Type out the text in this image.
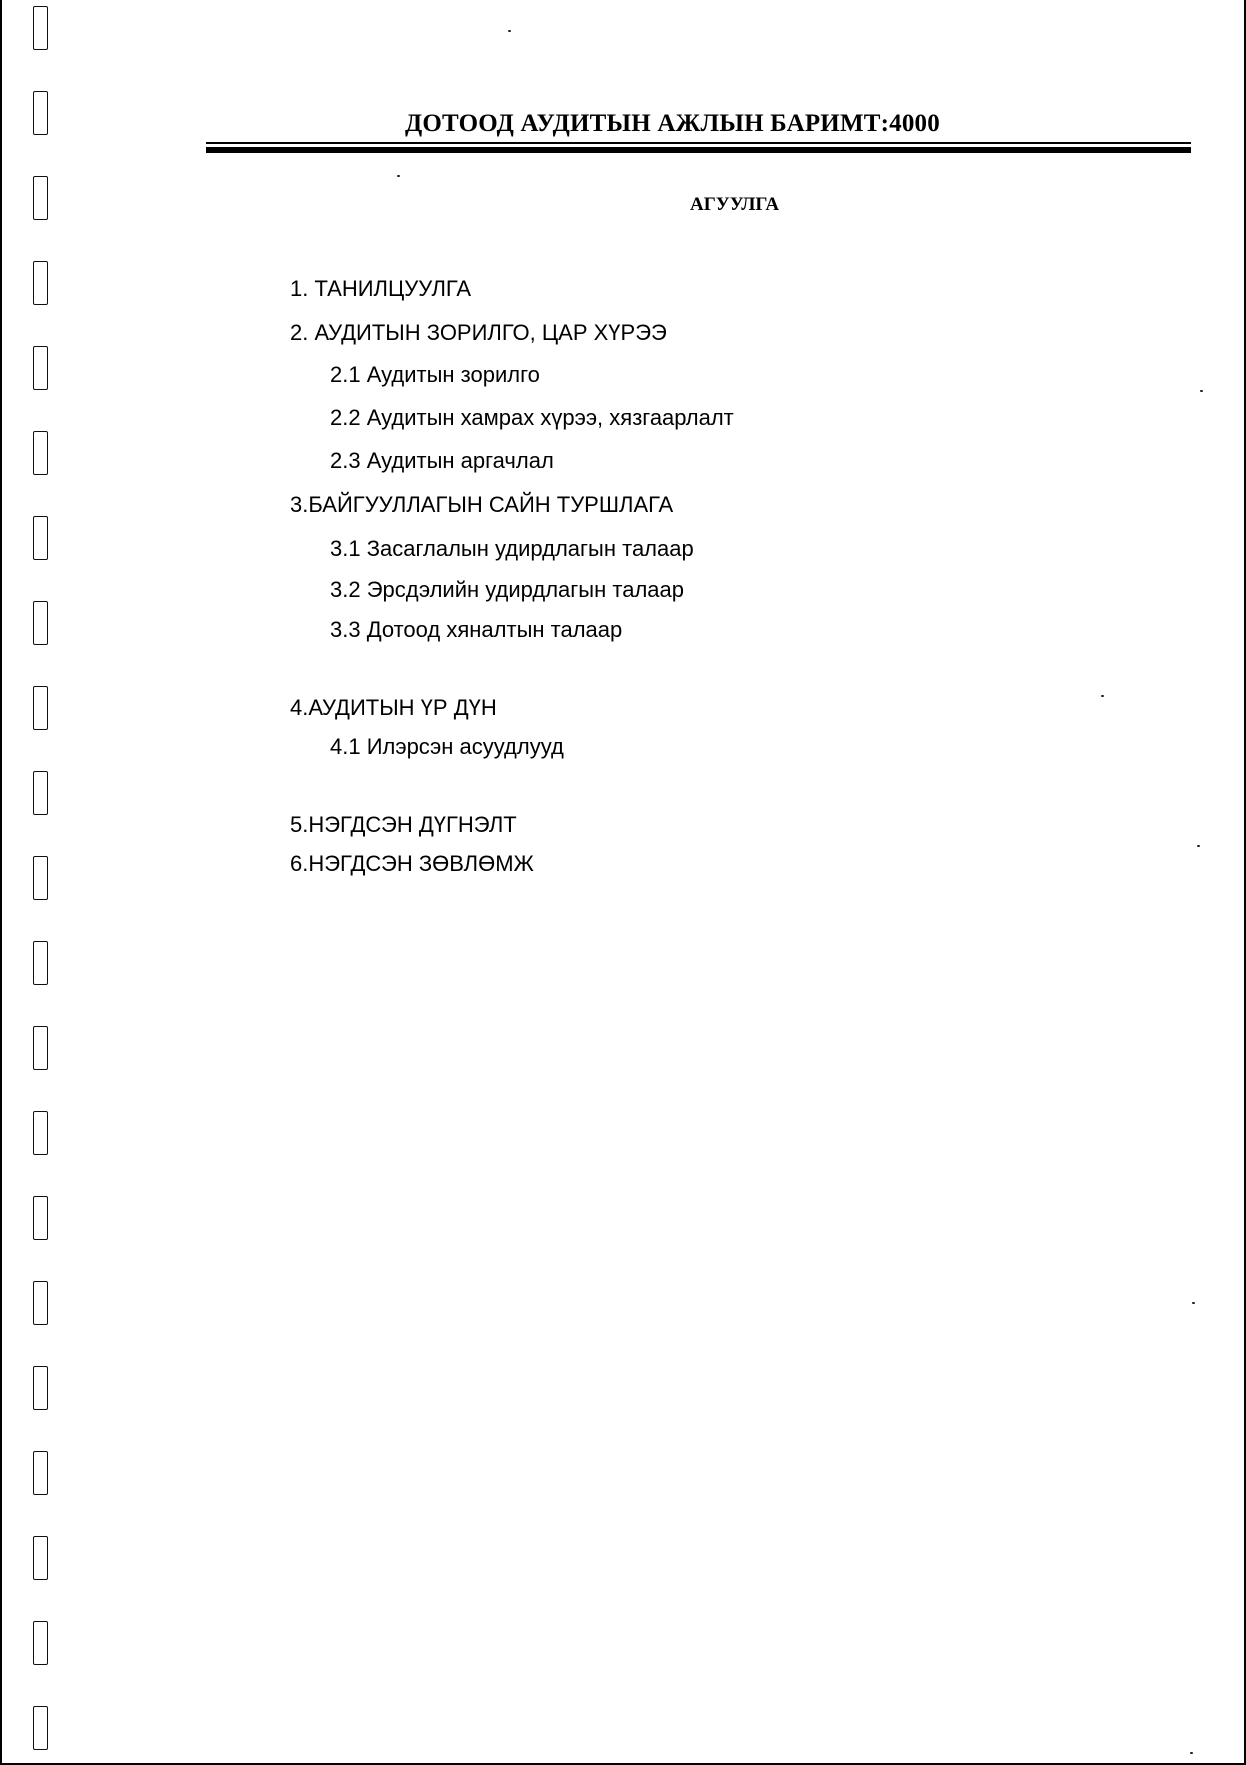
ДОТООД АУДИТЫН АЖЛЫН БАРИМТ:4000
АГУУЛГА
1. ТАНИЛЦУУЛГА
2. АУДИТЫН ЗОРИЛГО, ЦАР ХҮРЭЭ
2.1 Аудитын зорилго
2.2 Аудитын хамрах хүрээ, хязгаарлалт
2.3 Аудитын аргачлал
3.БАЙГУУЛЛАГЫН САЙН ТУРШЛАГА
3.1 Засаглалын удирдлагын талаар
3.2 Эрсдэлийн удирдлагын талаар
3.3 Дотоод хяналтын талаар
4.АУДИТЫН ҮР ДҮН
4.1 Илэрсэн асуудлууд
5.НЭГДСЭН ДҮГНЭЛТ
6.НЭГДСЭН ЗӨВЛӨМЖ
